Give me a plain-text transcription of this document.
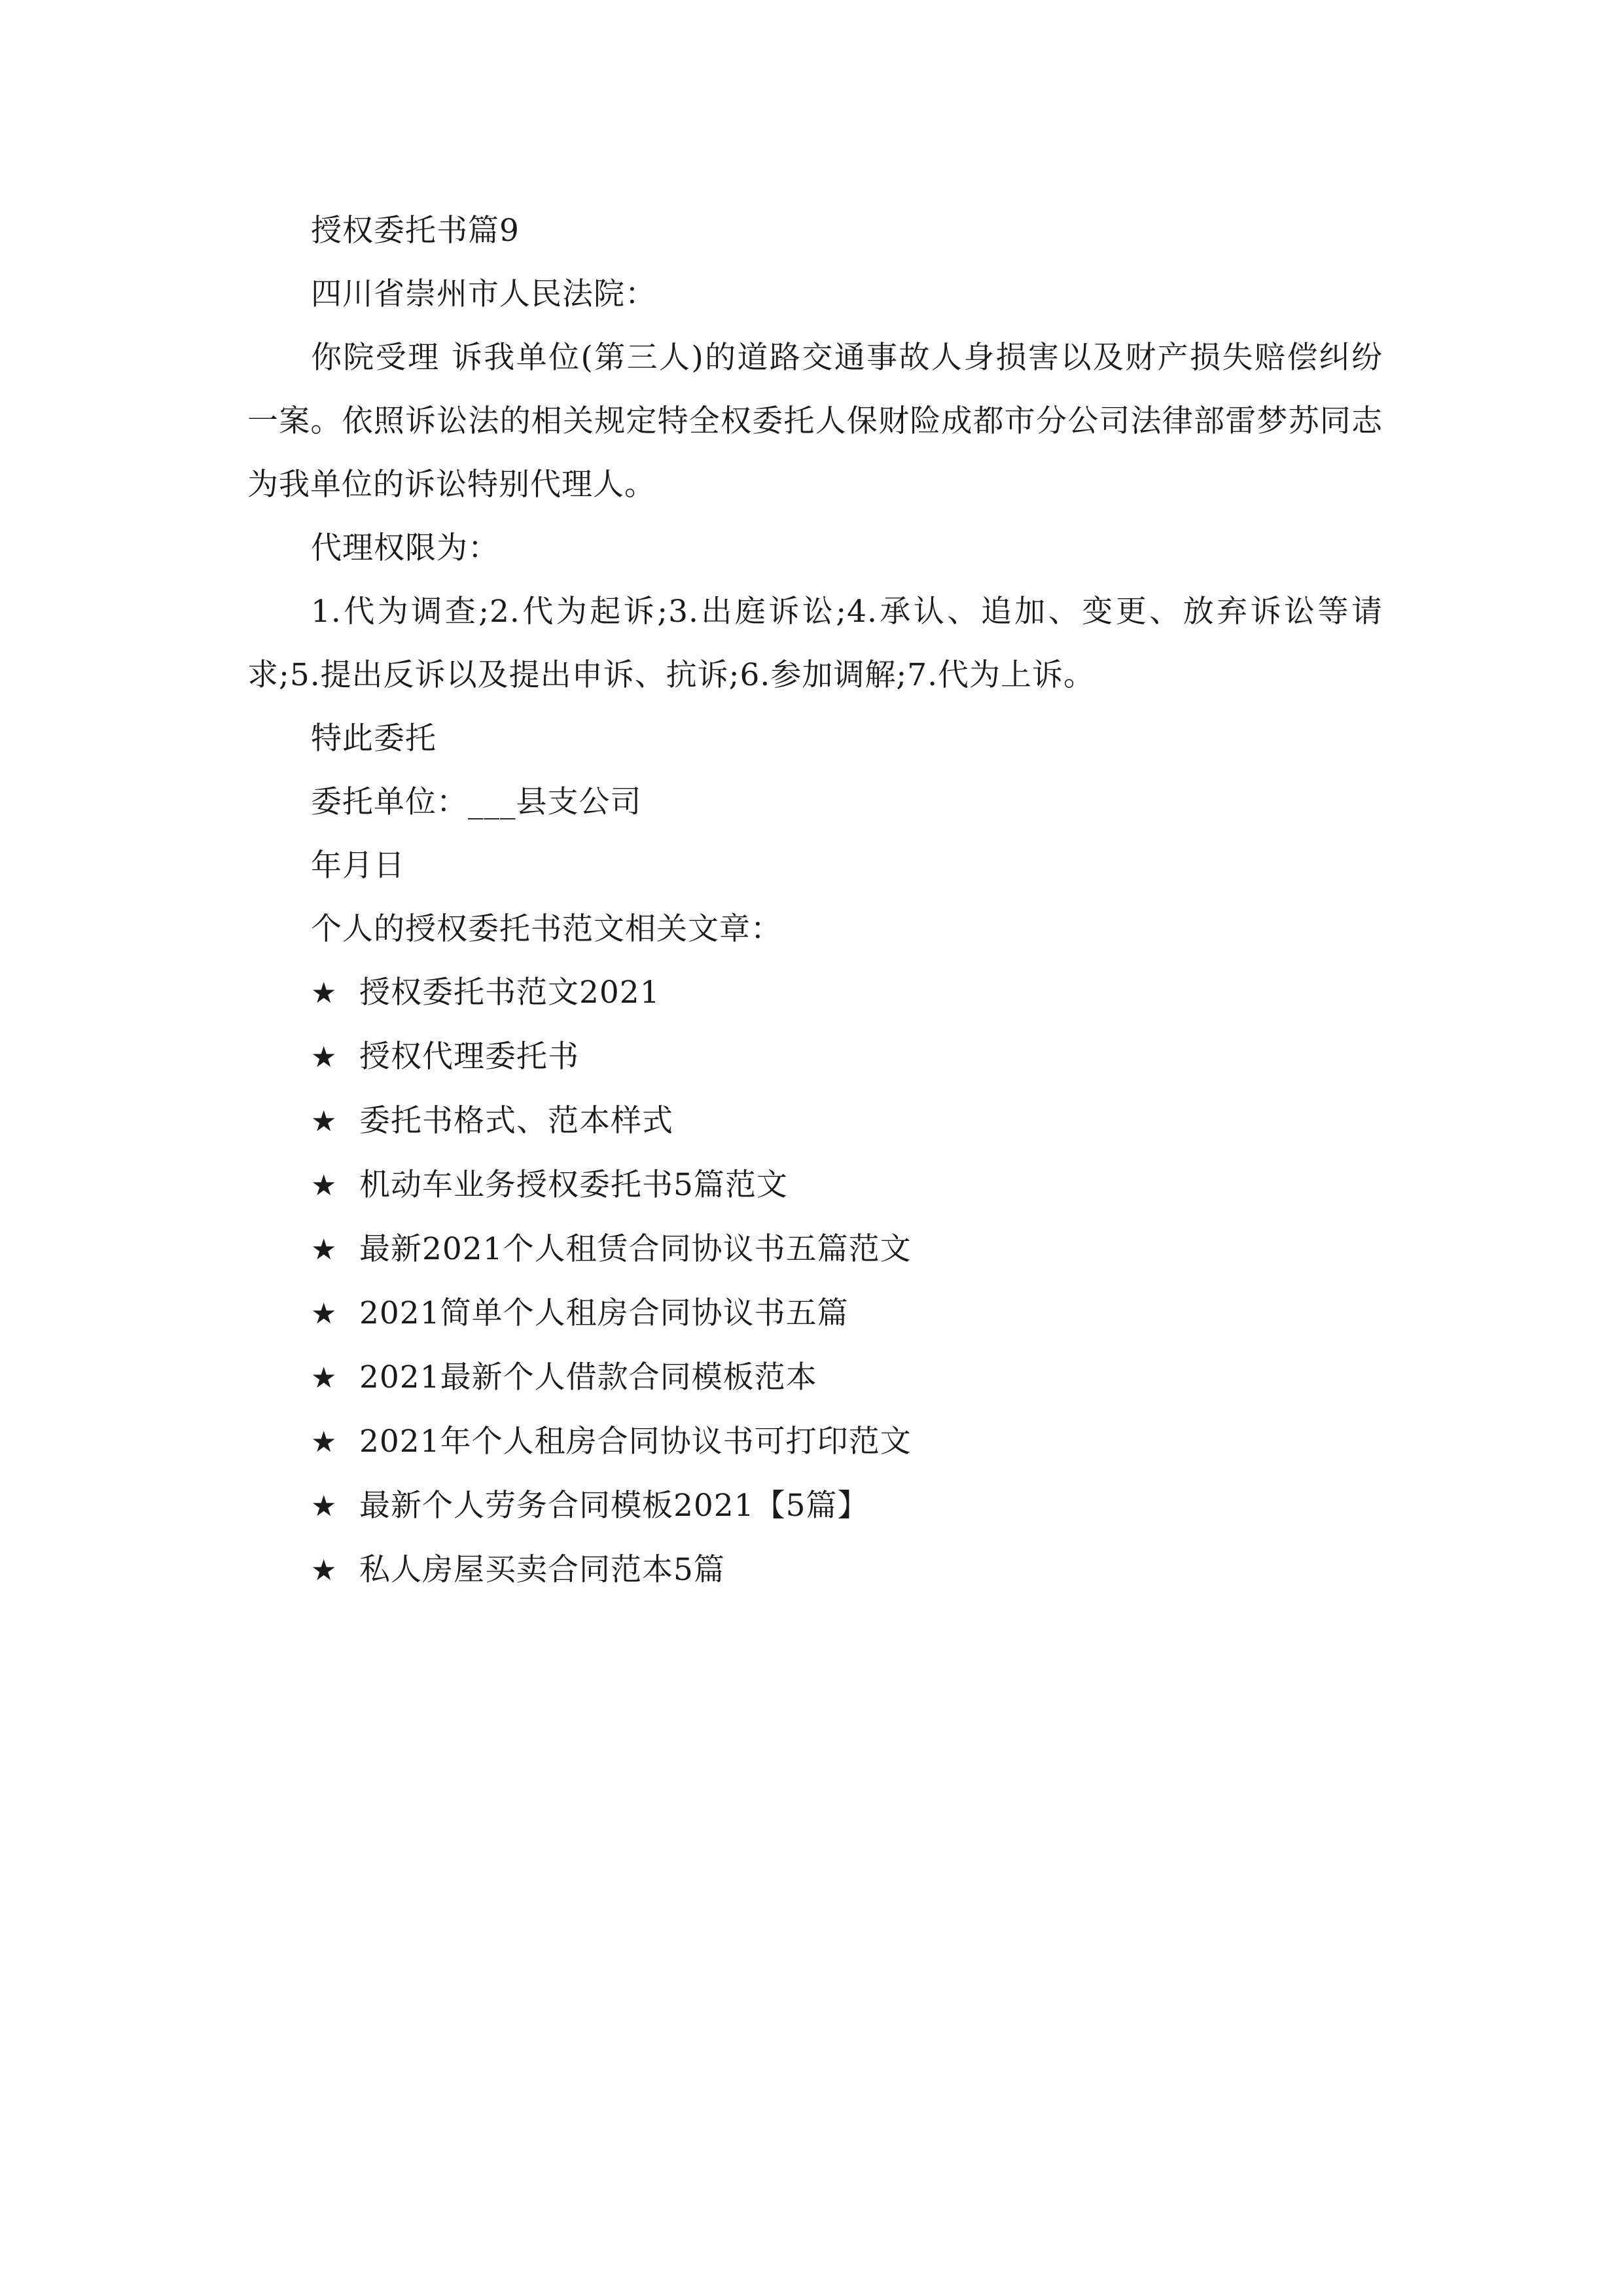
授权委托书篇9

四川省崇州市人民法院：

你院受理 诉我单位(第三人)的道路交通事故人身损害以及财产损失赔偿纠纷一案。依照诉讼法的相关规定特全权委托人保财险成都市分公司法律部雷梦苏同志为我单位的诉讼特别代理人。

代理权限为：

1.代为调查;2.代为起诉;3.出庭诉讼;4.承认、追加、变更、放弃诉讼等请求;5.提出反诉以及提出申诉、抗诉;6.参加调解;7.代为上诉。

特此委托

委托单位：___县支公司

年月日

个人的授权委托书范文相关文章：

★ 授权委托书范文2021
★ 授权代理委托书
★ 委托书格式、范本样式
★ 机动车业务授权委托书5篇范文
★ 最新2021个人租赁合同协议书五篇范文
★ 2021简单个人租房合同协议书五篇
★ 2021最新个人借款合同模板范本
★ 2021年个人租房合同协议书可打印范文
★ 最新个人劳务合同模板2021【5篇】
★ 私人房屋买卖合同范本5篇
